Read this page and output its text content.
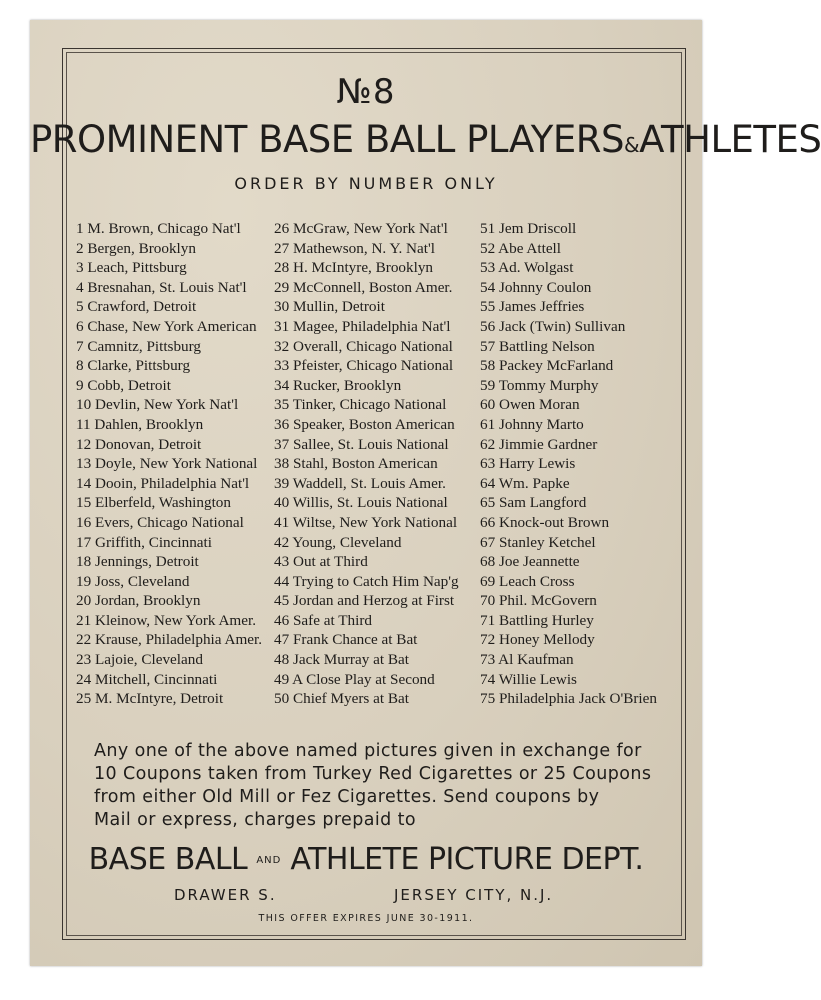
№8
PROMINENT BASE BALL PLAYERS&ATHLETES
ORDER BY NUMBER ONLY
1 M. Brown, Chicago Nat'l
2 Bergen, Brooklyn
3 Leach, Pittsburg
4 Bresnahan, St. Louis Nat'l
5 Crawford, Detroit
6 Chase, New York American
7 Camnitz, Pittsburg
8 Clarke, Pittsburg
9 Cobb, Detroit
10 Devlin, New York Nat'l
11 Dahlen, Brooklyn
12 Donovan, Detroit
13 Doyle, New York National
14 Dooin, Philadelphia Nat'l
15 Elberfeld, Washington
16 Evers, Chicago National
17 Griffith, Cincinnati
18 Jennings, Detroit
19 Joss, Cleveland
20 Jordan, Brooklyn
21 Kleinow, New York Amer.
22 Krause, Philadelphia Amer.
23 Lajoie, Cleveland
24 Mitchell, Cincinnati
25 M. McIntyre, Detroit
26 McGraw, New York Nat'l
27 Mathewson, N. Y. Nat'l
28 H. McIntyre, Brooklyn
29 McConnell, Boston Amer.
30 Mullin, Detroit
31 Magee, Philadelphia Nat'l
32 Overall, Chicago National
33 Pfeister, Chicago National
34 Rucker, Brooklyn
35 Tinker, Chicago National
36 Speaker, Boston American
37 Sallee, St. Louis National
38 Stahl, Boston American
39 Waddell, St. Louis Amer.
40 Willis, St. Louis National
41 Wiltse, New York National
42 Young, Cleveland
43 Out at Third
44 Trying to Catch Him Nap'g
45 Jordan and Herzog at First
46 Safe at Third
47 Frank Chance at Bat
48 Jack Murray at Bat
49 A Close Play at Second
50 Chief Myers at Bat
51 Jem Driscoll
52 Abe Attell
53 Ad. Wolgast
54 Johnny Coulon
55 James Jeffries
56 Jack (Twin) Sullivan
57 Battling Nelson
58 Packey McFarland
59 Tommy Murphy
60 Owen Moran
61 Johnny Marto
62 Jimmie Gardner
63 Harry Lewis
64 Wm. Papke
65 Sam Langford
66 Knock-out Brown
67 Stanley Ketchel
68 Joe Jeannette
69 Leach Cross
70 Phil. McGovern
71 Battling Hurley
72 Honey Mellody
73 Al Kaufman
74 Willie Lewis
75 Philadelphia Jack O'Brien
Any one of the above named pictures given in exchange for
10 Coupons taken from Turkey Red Cigarettes or 25 Coupons
from either Old Mill or Fez Cigarettes. Send coupons by
Mail or express, charges prepaid to
BASE BALL AND ATHLETE PICTURE DEPT.
DRAWER S.	JERSEY CITY, N.J.
THIS OFFER EXPIRES JUNE 30-1911.
